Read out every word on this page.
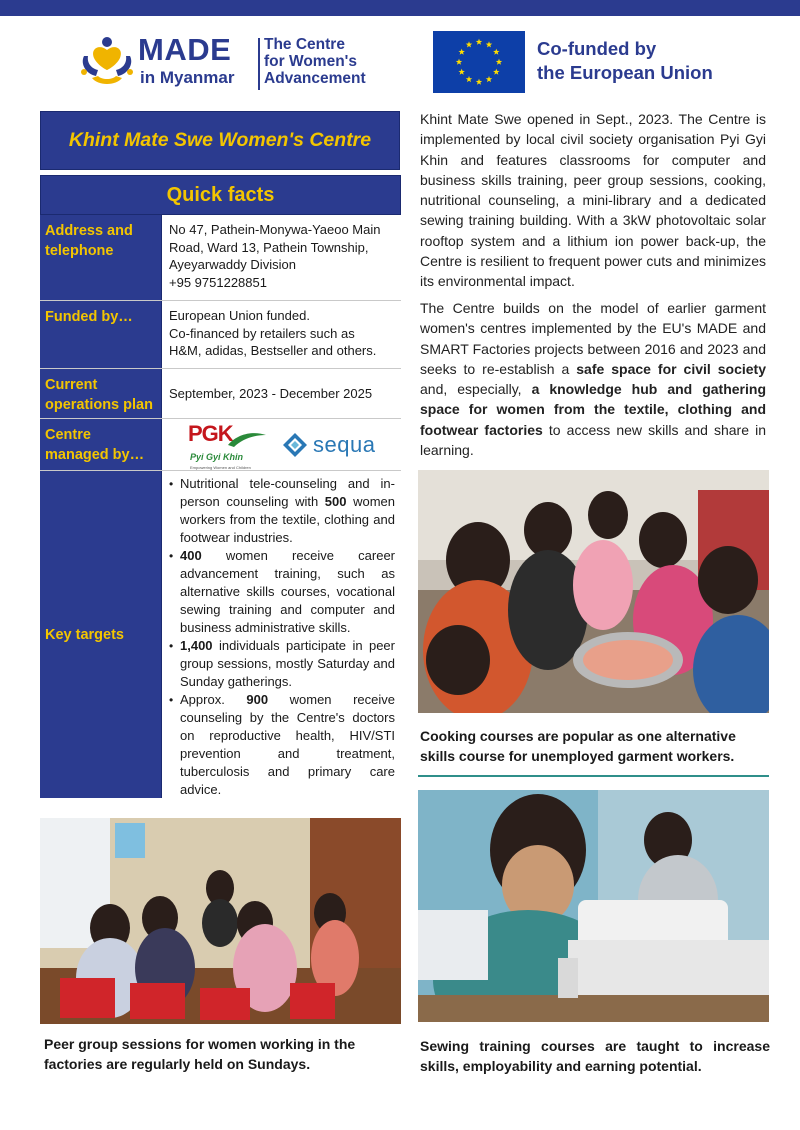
MADE
in Myanmar
The Centre
for Women's
Advancement
Co-funded by
the European Union
Khint Mate Swe Women's Centre
Quick facts
Address and telephone
No 47, Pathein-Monywa-Yaeoo Main
Road, Ward 13, Pathein Township,
Ayeyarwaddy Division
+95 9751228851
Funded by…	European Union funded.
Co-financed by retailers such as
H&M, adidas, Bestseller and others.
Current operations plan
September, 2023 - December 2025
Centre managed by…
PGK
Pyi Gyi Khin
Empowering Women and Children
sequa
Key targets
• Nutritional tele-counseling and in-person counseling with 500 women workers from the textile, clothing and footwear industries.
• 400 women receive career advancement training, such as alternative skills courses, vocational sewing training and computer and business administrative skills.
• 1,400 individuals participate in peer group sessions, mostly Saturday and Sunday gatherings.
• Approx. 900 women receive counseling by the Centre's doctors on reproductive health, HIV/STI prevention and treatment, tuberculosis and primary care advice.

Khint Mate Swe opened in Sept., 2023. The Centre is implemented by local civil society organisation Pyi Gyi Khin and features classrooms for computer and business skills training, peer group sessions, cooking, nutritional counseling, a mini-library and a dedicated sewing training building. With a 3kW photovoltaic solar rooftop system and a lithium ion power back-up, the Centre is resilient to frequent power cuts and minimizes its environmental impact.

The Centre builds on the model of earlier garment women's centres implemented by the EU's MADE and SMART Factories projects between 2016 and 2023 and seeks to re-establish a safe space for civil society and, especially, a knowledge hub and gathering space for women from the textile, clothing and footwear factories to access new skills and share in learning.

Cooking courses are popular as one alternative skills course for unemployed garment workers.
Sewing training courses are taught to increase skills, employability and earning potential.
Peer group sessions for women working in the factories are regularly held on Sundays.
